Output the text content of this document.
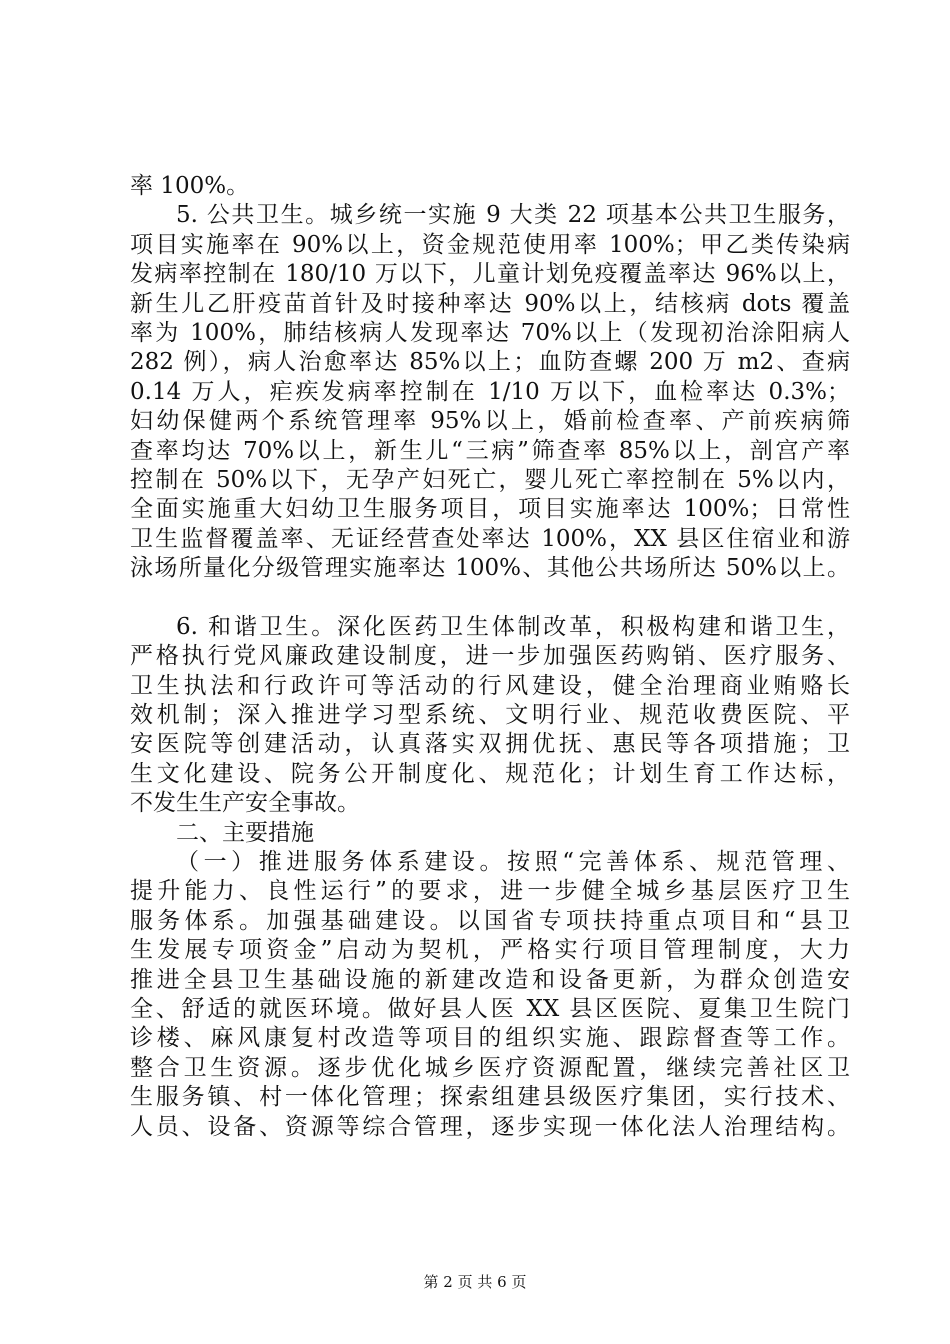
率 100%。
5. 公共卫生。城乡统一实施 9 大类 22 项基本公共卫生服务，
项目实施率在 90%以上，资金规范使用率 100%；甲乙类传染病
发病率控制在 180/10 万以下，儿童计划免疫覆盖率达 96%以上，
新生儿乙肝疫苗首针及时接种率达 90%以上，结核病 dots 覆盖
率为 100%，肺结核病人发现率达 70%以上（发现初治涂阳病人
282 例），病人治愈率达 85%以上；血防查螺 200 万 m2、查病
0.14 万人，疟疾发病率控制在 1/10 万以下，血检率达 0.3%；
妇幼保健两个系统管理率 95%以上，婚前检查率、产前疾病筛
查率均达 70%以上，新生儿“三病”筛查率 85%以上，剖宫产率
控制在 50%以下，无孕产妇死亡，婴儿死亡率控制在 5%以内，
全面实施重大妇幼卫生服务项目，项目实施率达 100%；日常性
卫生监督覆盖率、无证经营查处率达 100%，XX 县区住宿业和游
泳场所量化分级管理实施率达 100%、其他公共场所达 50%以上。
6. 和谐卫生。深化医药卫生体制改革，积极构建和谐卫生，
严格执行党风廉政建设制度，进一步加强医药购销、医疗服务、
卫生执法和行政许可等活动的行风建设，健全治理商业贿赂长
效机制；深入推进学习型系统、文明行业、规范收费医院、平
安医院等创建活动，认真落实双拥优抚、惠民等各项措施；卫
生文化建设、院务公开制度化、规范化；计划生育工作达标，
不发生生产安全事故。
二、主要措施
（一）推进服务体系建设。按照“完善体系、规范管理、
提升能力、良性运行”的要求，进一步健全城乡基层医疗卫生
服务体系。加强基础建设。以国省专项扶持重点项目和“县卫
生发展专项资金”启动为契机，严格实行项目管理制度，大力
推进全县卫生基础设施的新建改造和设备更新，为群众创造安
全、舒适的就医环境。做好县人医 XX 县区医院、夏集卫生院门
诊楼、麻风康复村改造等项目的组织实施、跟踪督查等工作。
整合卫生资源。逐步优化城乡医疗资源配置，继续完善社区卫
生服务镇、村一体化管理；探索组建县级医疗集团，实行技术、
人员、设备、资源等综合管理，逐步实现一体化法人治理结构。
第 2 页 共 6 页
